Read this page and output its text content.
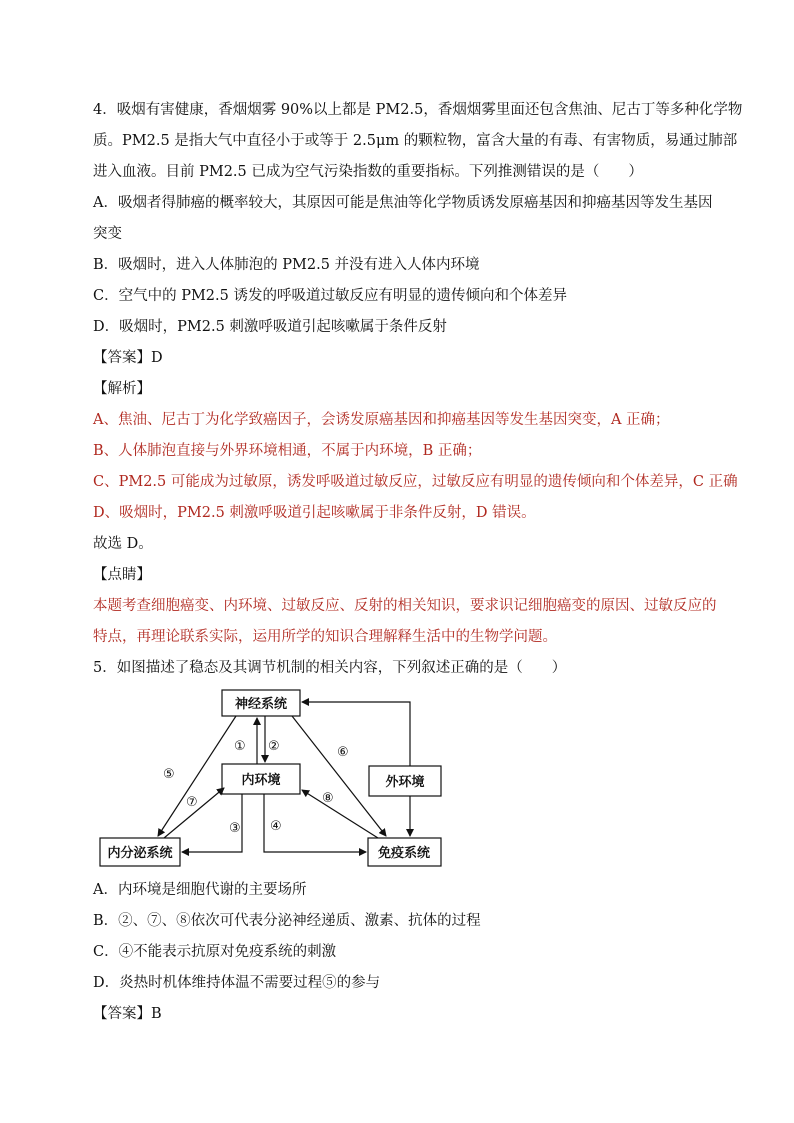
4．吸烟有害健康，香烟烟雾 90%以上都是 PM2.5，香烟烟雾里面还包含焦油、尼古丁等多种化学物
质。PM2.5 是指大气中直径小于或等于 2.5μm 的颗粒物，富含大量的有毒、有害物质，易通过肺部
进入血液。目前 PM2.5 已成为空气污染指数的重要指标。下列推测错误的是（　　）
A．吸烟者得肺癌的概率较大，其原因可能是焦油等化学物质诱发原癌基因和抑癌基因等发生基因
突变
B．吸烟时，进入人体肺泡的 PM2.5 并没有进入人体内环境
C．空气中的 PM2.5 诱发的呼吸道过敏反应有明显的遗传倾向和个体差异
D．吸烟时，PM2.5 刺激呼吸道引起咳嗽属于条件反射
【答案】D
【解析】
A、焦油、尼古丁为化学致癌因子，会诱发原癌基因和抑癌基因等发生基因突变，A 正确；
B、人体肺泡直接与外界环境相通，不属于内环境，B 正确；
C、PM2.5 可能成为过敏原，诱发呼吸道过敏反应，过敏反应有明显的遗传倾向和个体差异，C 正确
D、吸烟时，PM2.5 刺激呼吸道引起咳嗽属于非条件反射，D 错误。
故选 D。
【点睛】
本题考查细胞癌变、内环境、过敏反应、反射的相关知识，要求识记细胞癌变的原因、过敏反应的
特点，再理论联系实际，运用所学的知识合理解释生活中的生物学问题。
5．如图描述了稳态及其调节机制的相关内容，下列叙述正确的是（　　）
神经系统
内环境	外环境
内分泌系统	免疫系统
① ②
③ ④
⑤
⑥
⑦	⑧
A．内环境是细胞代谢的主要场所
B．②、⑦、⑧依次可代表分泌神经递质、激素、抗体的过程
C．④不能表示抗原对免疫系统的刺激
D．炎热时机体维持体温不需要过程⑤的参与
【答案】B
